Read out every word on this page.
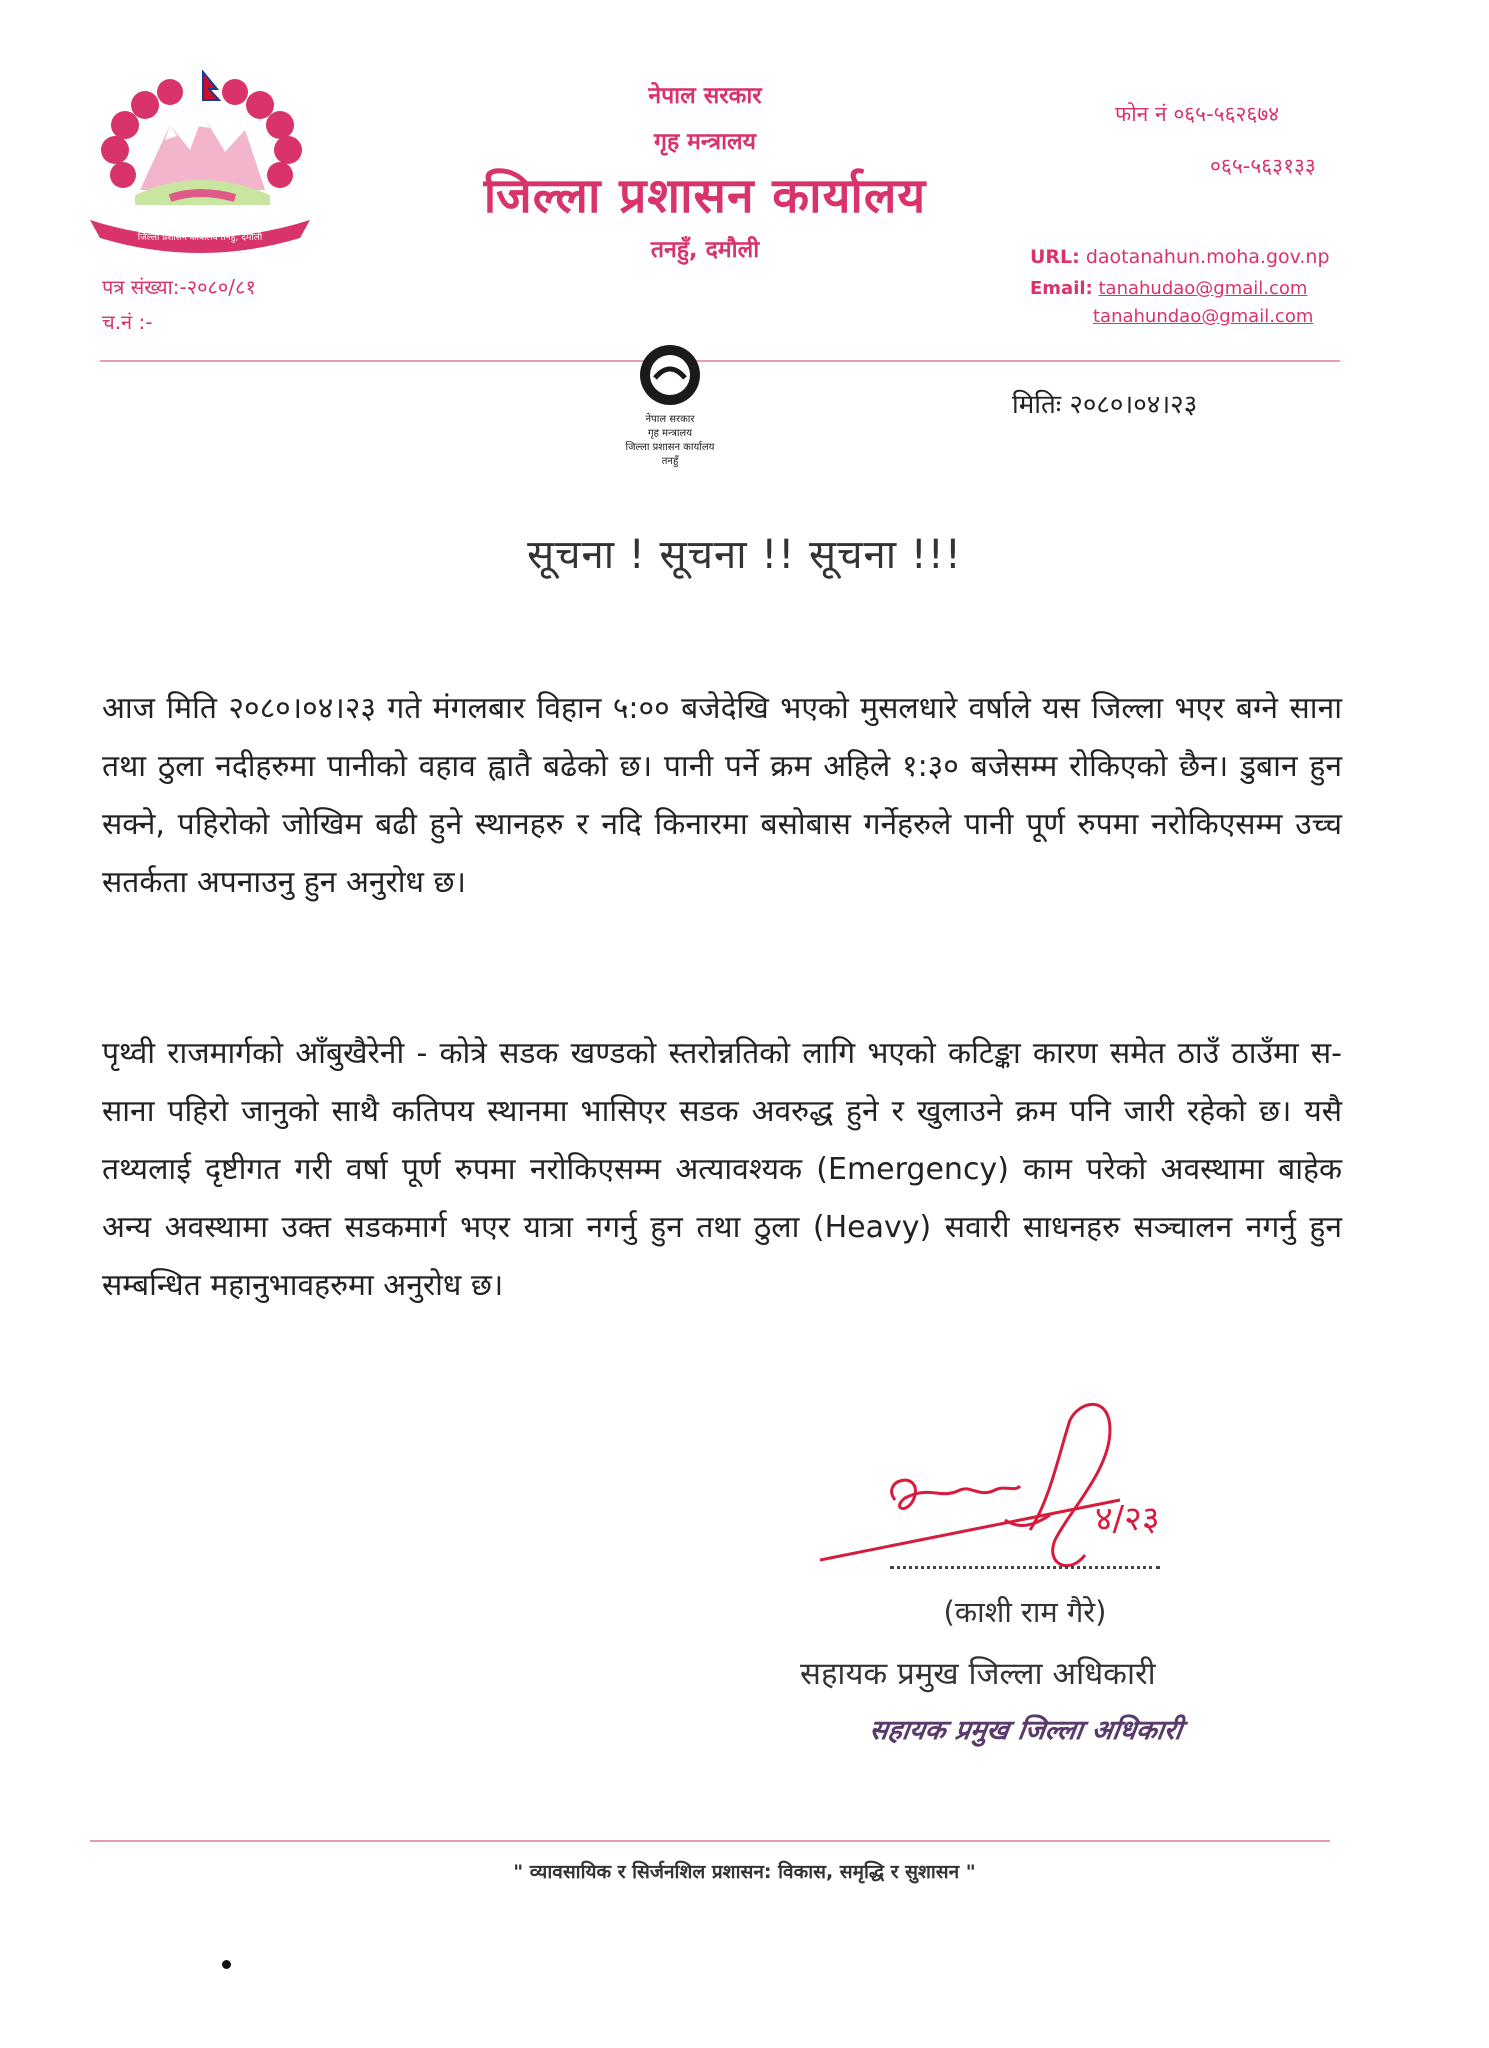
जिल्ला प्रशासन कार्यालय तनहुँ, दमौली
नेपाल सरकार
गृह मन्त्रालय
जिल्ला प्रशासन कार्यालय
तनहुँ, दमौली
फोन नं ०६५-५६२६७४
०६५-५६३१३३
URL: daotanahun.moha.gov.np
Email: tanahudao@gmail.com
tanahundao@gmail.com
पत्र संख्या:-२०८०/८१
च.नं :-
नेपाल सरकार
गृह मन्त्रालय
जिल्ला प्रशासन कार्यालय
तनहुँ
मितिः २०८०।०४।२३
सूचना ! सूचना !! सूचना !!!
आज मिति २०८०।०४।२३ गते मंगलबार विहान ५:०० बजेदेखि भएको मुसलधारे वर्षाले यस जिल्ला भएर बग्ने साना तथा ठुला नदीहरुमा पानीको वहाव ह्वातै बढेको छ। पानी पर्ने क्रम अहिले १:३० बजेसम्म रोकिएको छैन। डुबान हुन सक्ने, पहिरोको जोखिम बढी हुने स्थानहरु र नदि किनारमा बसोबास गर्नेहरुले पानी पूर्ण रुपमा नरोकिएसम्म उच्च सतर्कता अपनाउनु हुन अनुरोध छ।
पृथ्वी राजमार्गको आँबुखैरेनी - कोत्रे सडक खण्डको स्तरोन्नतिको लागि भएको कटिङ्का कारण समेत ठाउँ ठाउँमा स-साना पहिरो जानुको साथै कतिपय स्थानमा भासिएर सडक अवरुद्ध हुने र खुलाउने क्रम पनि जारी रहेको छ। यसै तथ्यलाई दृष्टीगत गरी वर्षा पूर्ण रुपमा नरोकिएसम्म अत्यावश्यक (Emergency) काम परेको अवस्थामा बाहेक अन्य अवस्थामा उक्त सडकमार्ग भएर यात्रा नगर्नु हुन तथा ठुला (Heavy) सवारी साधनहरु सञ्चालन नगर्नु हुन सम्बन्धित महानुभावहरुमा अनुरोध छ।
४/२३
(काशी राम गैरे)
सहायक प्रमुख जिल्ला अधिकारी
सहायक प्रमुख जिल्ला अधिकारी
" व्यावसायिक र सिर्जनशिल प्रशासन: विकास, समृद्धि र सुशासन "
